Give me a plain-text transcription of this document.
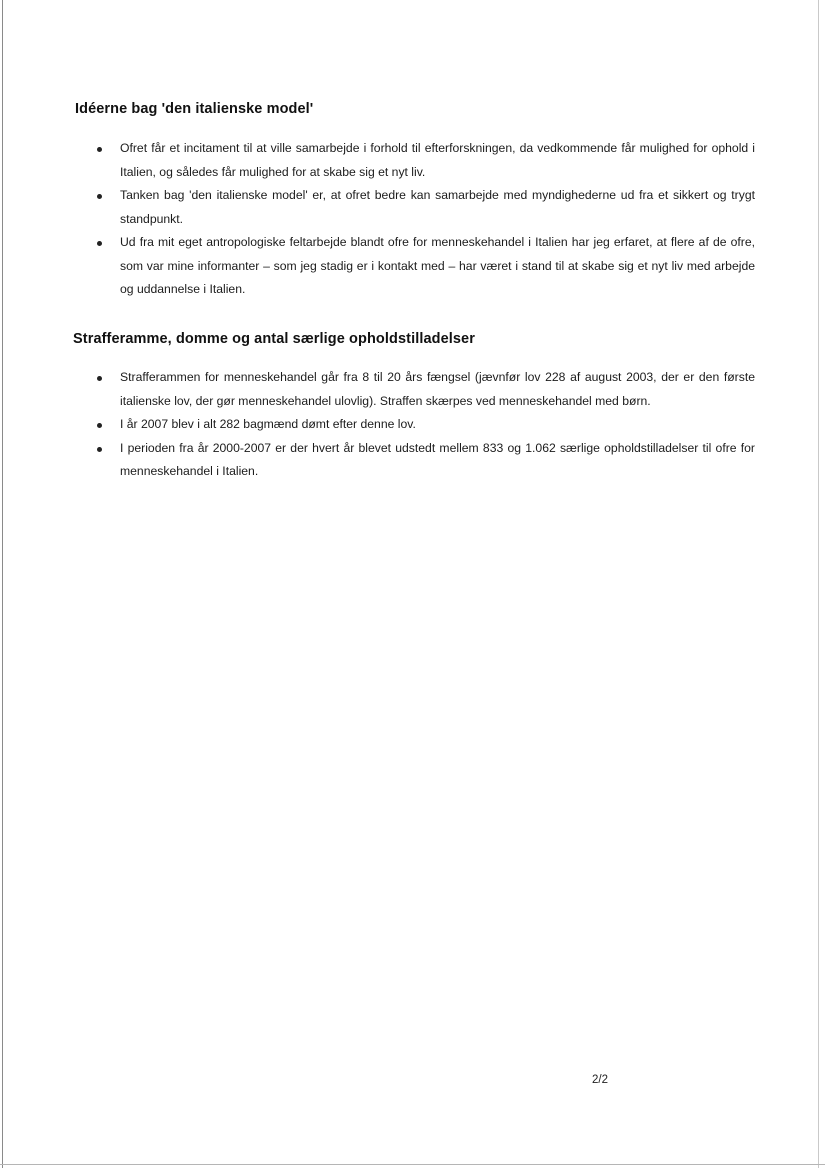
Idéerne bag 'den italienske model'
Ofret får et incitament til at ville samarbejde i forhold til efterforskningen, da vedkommende får mulighed for ophold i Italien, og således får mulighed for at skabe sig et nyt liv.
Tanken bag 'den italienske model' er, at ofret bedre kan samarbejde med myndighederne ud fra et sikkert og trygt standpunkt.
Ud fra mit eget antropologiske feltarbejde blandt ofre for menneskehandel i Italien har jeg erfaret, at flere af de ofre, som var mine informanter – som jeg stadig er i kontakt med – har været i stand til at skabe sig et nyt liv med arbejde og uddannelse i Italien.
Strafferamme, domme og antal særlige opholdstilladelser
Strafferammen for menneskehandel går fra 8 til 20 års fængsel (jævnfør lov 228 af august 2003, der er den første italienske lov, der gør menneskehandel ulovlig). Straffen skærpes ved menneskehandel med børn.
I år 2007 blev i alt 282 bagmænd dømt efter denne lov.
I perioden fra år 2000-2007 er der hvert år blevet udstedt mellem 833 og 1.062 særlige opholdstilladelser til ofre for menneskehandel i Italien.
2/2
